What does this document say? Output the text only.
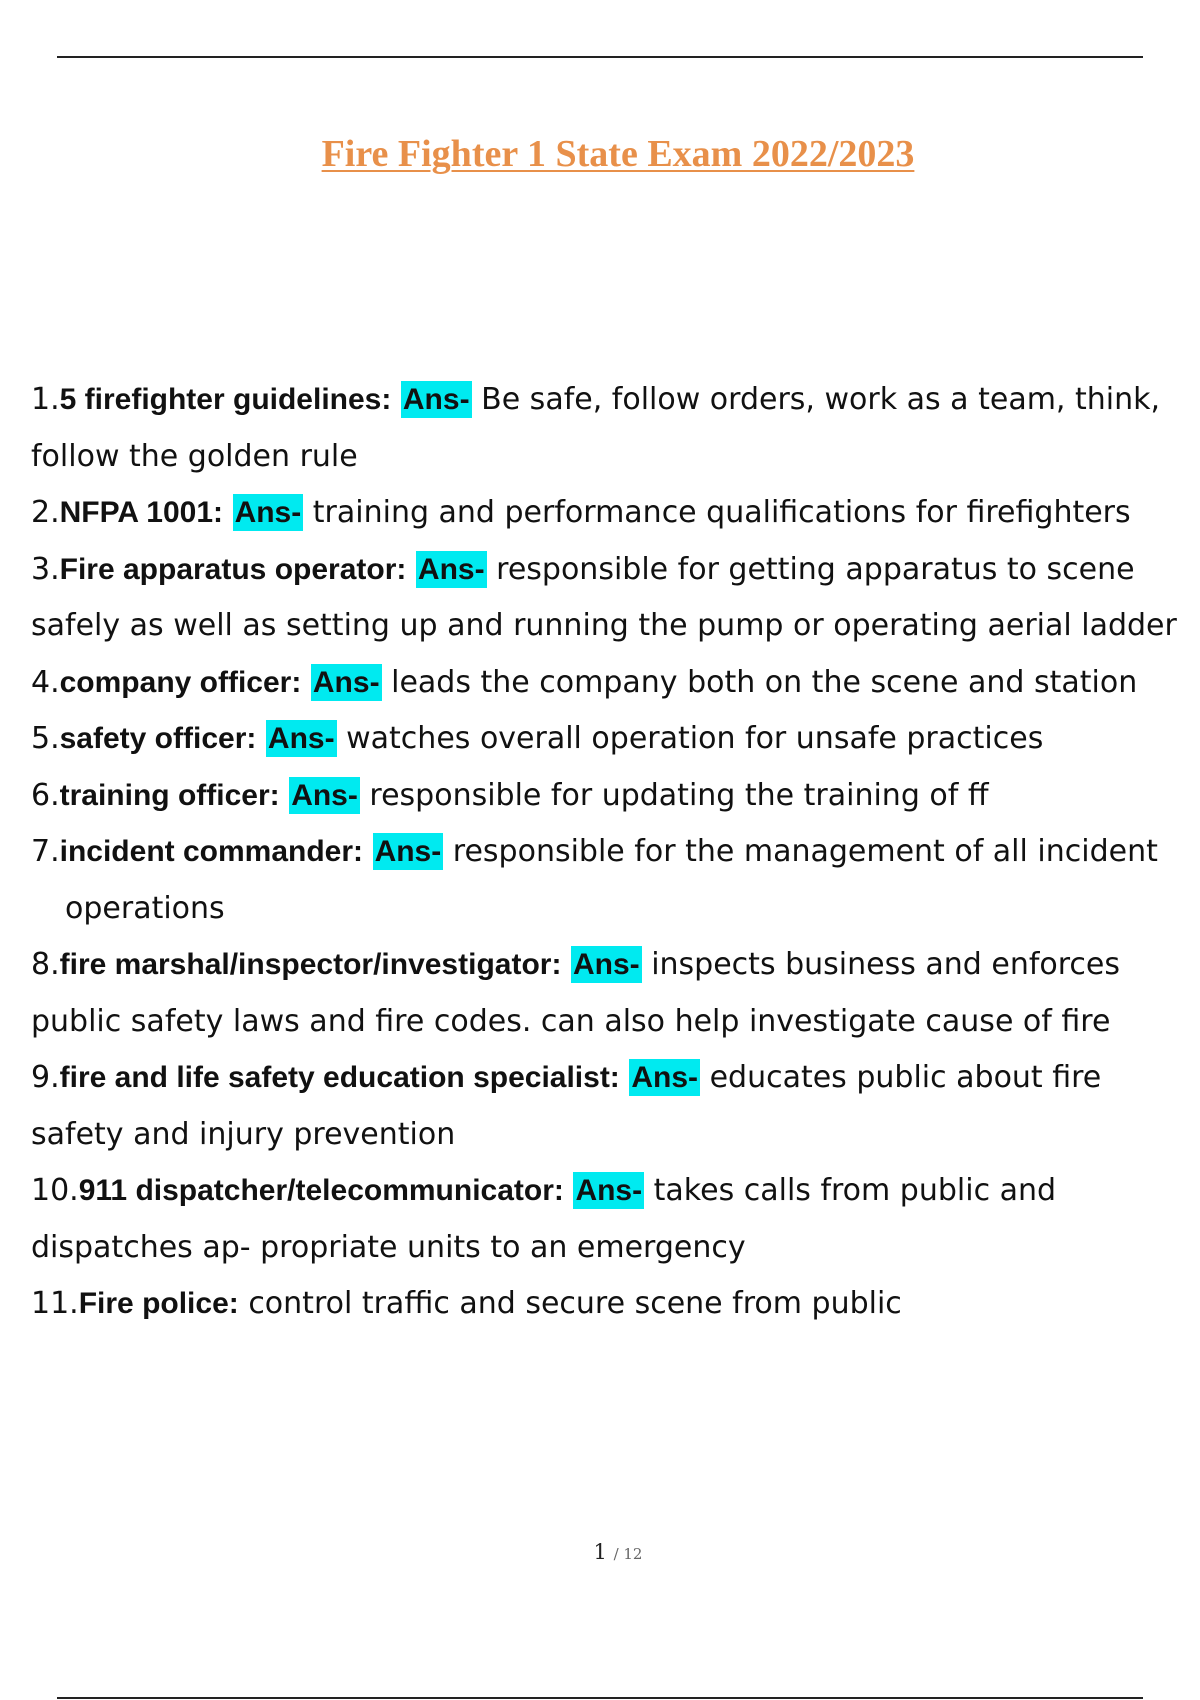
Fire Fighter 1 State Exam 2022/2023
1.5 firefighter guidelines: Ans- Be safe, follow orders, work as a team, think, follow the golden rule
2.NFPA 1001: Ans- training and performance qualifications for firefighters
3.Fire apparatus operator: Ans- responsible for getting apparatus to scene safely as well as setting up and running the pump or operating aerial ladder
4.company officer: Ans- leads the company both on the scene and station
5.safety officer: Ans- watches overall operation for unsafe practices
6.training officer: Ans- responsible for updating the training of ff
7.incident commander: Ans- responsible for the management of all incident operations
8.fire marshal/inspector/investigator: Ans- inspects business and enforces public safety laws and fire codes. can also help investigate cause of fire
9.fire and life safety education specialist: Ans- educates public about fire safety and injury prevention
10.911 dispatcher/telecommunicator: Ans- takes calls from public and dispatches ap- propriate units to an emergency
11.Fire police: control traffic and secure scene from public
1 / 12
